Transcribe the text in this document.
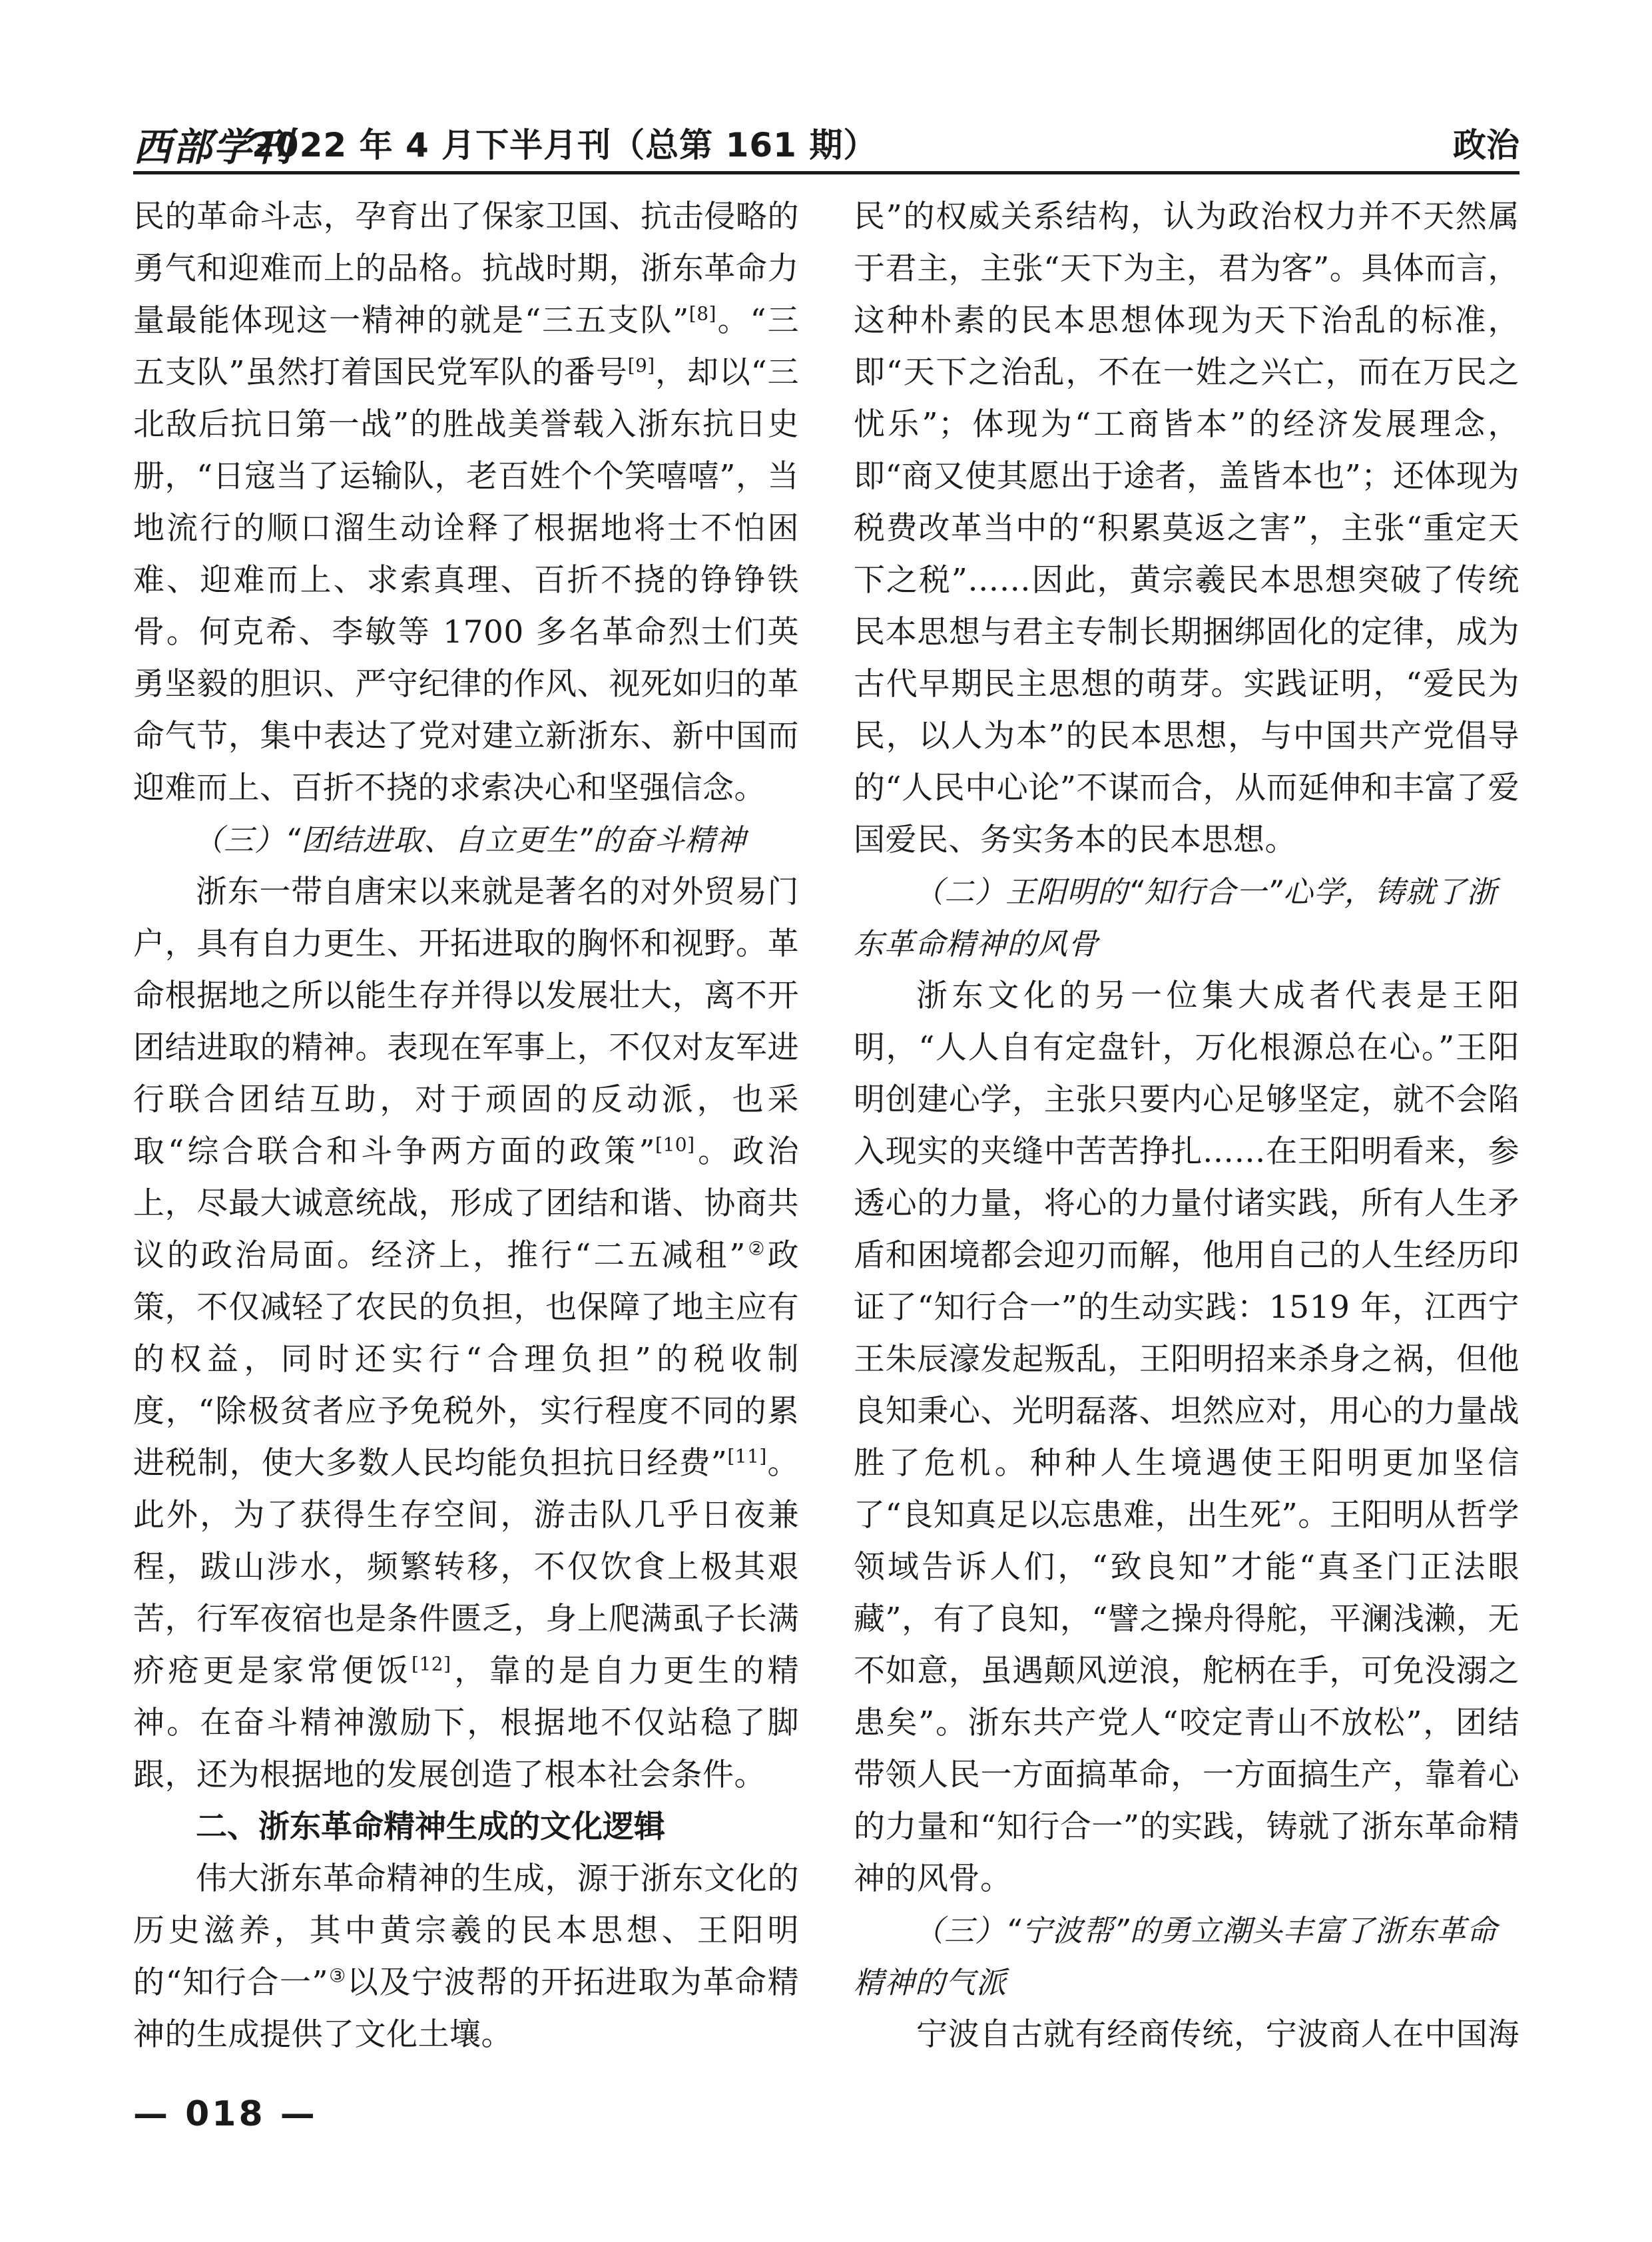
西部学刊
2022 年 4 月下半月刊（总第 161 期）	政治

民的革命斗志，孕育出了保家卫国、抗击侵略的勇气和迎难而上的品格。抗战时期，浙东革命力量最能体现这一精神的就是“三五支队”[8]。“三五支队”虽然打着国民党军队的番号[9]，却以“三北敌后抗日第一战”的胜战美誉载入浙东抗日史册，“日寇当了运输队，老百姓个个笑嘻嘻”，当地流行的顺口溜生动诠释了根据地将士不怕困难、迎难而上、求索真理、百折不挠的铮铮铁骨。何克希、李敏等 1700 多名革命烈士们英勇坚毅的胆识、严守纪律的作风、视死如归的革命气节，集中表达了党对建立新浙东、新中国而迎难而上、百折不挠的求索决心和坚强信念。

（三）“团结进取、自立更生”的奋斗精神

浙东一带自唐宋以来就是著名的对外贸易门户，具有自力更生、开拓进取的胸怀和视野。革命根据地之所以能生存并得以发展壮大，离不开团结进取的精神。表现在军事上，不仅对友军进行联合团结互助，对于顽固的反动派，也采取“综合联合和斗争两方面的政策”[10]。政治上，尽最大诚意统战，形成了团结和谐、协商共议的政治局面。经济上，推行“二五减租”②政策，不仅减轻了农民的负担，也保障了地主应有的权益，同时还实行“合理负担”的税收制度，“除极贫者应予免税外，实行程度不同的累进税制，使大多数人民均能负担抗日经费”[11]。此外，为了获得生存空间，游击队几乎日夜兼程，跋山涉水，频繁转移，不仅饮食上极其艰苦，行军夜宿也是条件匮乏，身上爬满虱子长满疥疮更是家常便饭[12]，靠的是自力更生的精神。在奋斗精神激励下，根据地不仅站稳了脚跟，还为根据地的发展创造了根本社会条件。

二、浙东革命精神生成的文化逻辑

伟大浙东革命精神的生成，源于浙东文化的历史滋养，其中黄宗羲的民本思想、王阳明的“知行合一”③以及宁波帮的开拓进取为革命精神的生成提供了文化土壤。

民”的权威关系结构，认为政治权力并不天然属于君主，主张“天下为主，君为客”。具体而言，这种朴素的民本思想体现为天下治乱的标准，即“天下之治乱，不在一姓之兴亡，而在万民之忧乐”；体现为“工商皆本”的经济发展理念，即“商又使其愿出于途者，盖皆本也”；还体现为税费改革当中的“积累莫返之害”，主张“重定天下之税”……因此，黄宗羲民本思想突破了传统民本思想与君主专制长期捆绑固化的定律，成为古代早期民主思想的萌芽。实践证明，“爱民为民，以人为本”的民本思想，与中国共产党倡导的“人民中心论”不谋而合，从而延伸和丰富了爱国爱民、务实务本的民本思想。

（二）王阳明的“知行合一”心学，铸就了浙东革命精神的风骨

浙东文化的另一位集大成者代表是王阳明，“人人自有定盘针，万化根源总在心。”王阳明创建心学，主张只要内心足够坚定，就不会陷入现实的夹缝中苦苦挣扎……在王阳明看来，参透心的力量，将心的力量付诸实践，所有人生矛盾和困境都会迎刃而解，他用自己的人生经历印证了“知行合一”的生动实践：1519 年，江西宁王朱辰濠发起叛乱，王阳明招来杀身之祸，但他良知秉心、光明磊落、坦然应对，用心的力量战胜了危机。种种人生境遇使王阳明更加坚信了“良知真足以忘患难，出生死”。王阳明从哲学领域告诉人们，“致良知”才能“真圣门正法眼藏”，有了良知，“譬之操舟得舵，平澜浅濑，无不如意，虽遇颠风逆浪，舵柄在手，可免没溺之患矣”。浙东共产党人“咬定青山不放松”，团结带领人民一方面搞革命，一方面搞生产，靠着心的力量和“知行合一”的实践，铸就了浙东革命精神的风骨。

（三）“宁波帮”的勇立潮头丰富了浙东革命精神的气派

宁波自古就有经商传统，宁波商人在中国海

— 018 —
